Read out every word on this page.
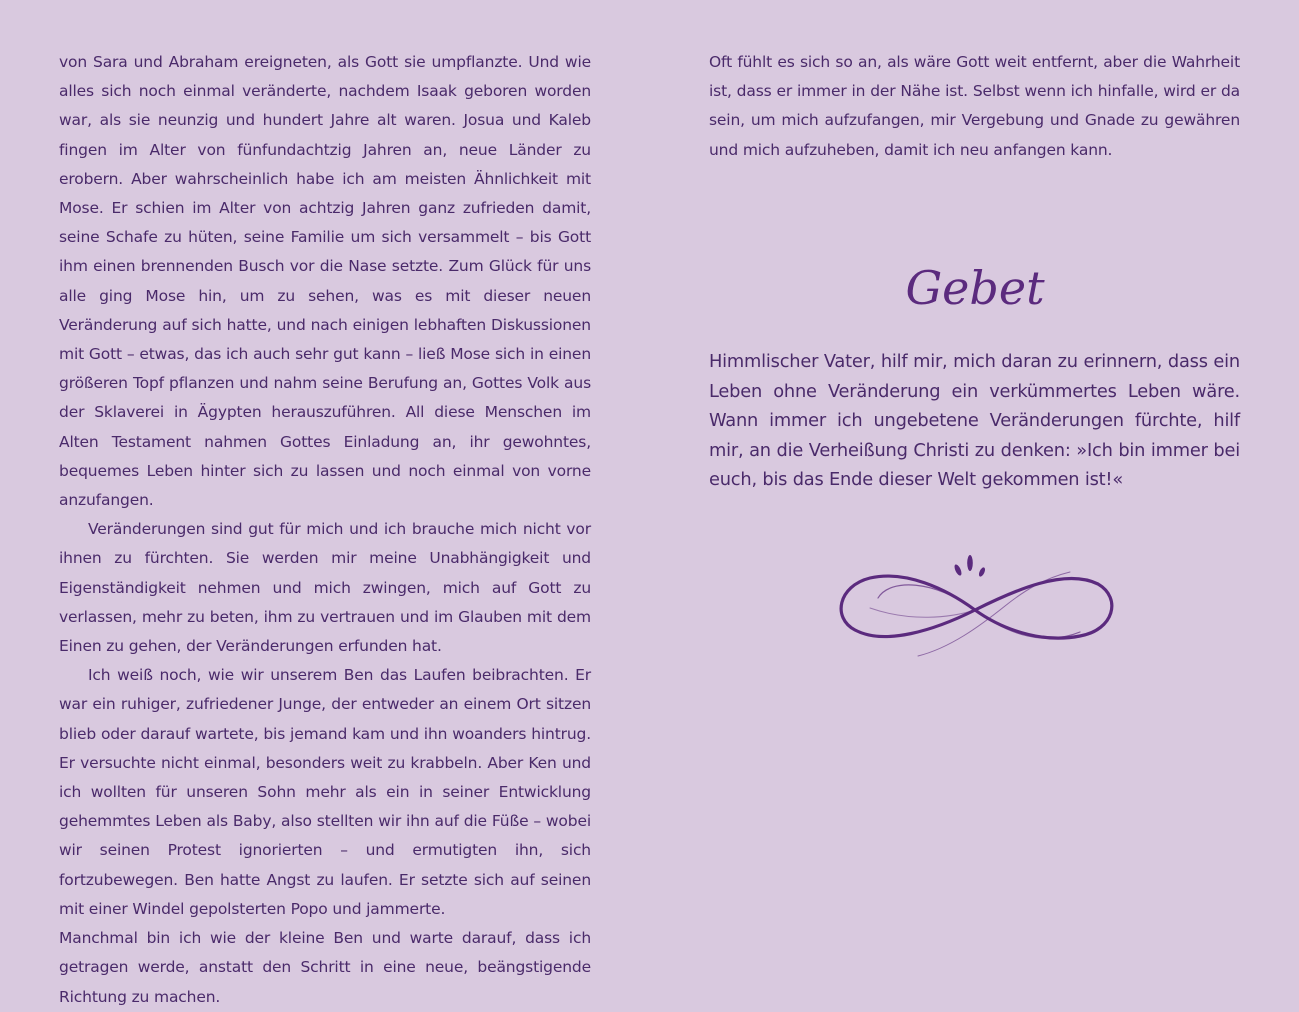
von Sara und Abraham ereigneten, als Gott sie umpflanzte. Und wie alles sich noch einmal veränderte, nachdem Isaak geboren worden war, als sie neunzig und hundert Jahre alt waren. Josua und Kaleb fingen im Alter von fünfundachtzig Jahren an, neue Länder zu erobern. Aber wahrscheinlich habe ich am meisten Ähnlichkeit mit Mose. Er schien im Alter von achtzig Jahren ganz zufrieden damit, seine Schafe zu hüten, seine Familie um sich versammelt – bis Gott ihm einen brennenden Busch vor die Nase setzte. Zum Glück für uns alle ging Mose hin, um zu sehen, was es mit dieser neuen Veränderung auf sich hatte, und nach einigen lebhaften Diskussionen mit Gott – etwas, das ich auch sehr gut kann – ließ Mose sich in einen größeren Topf pflanzen und nahm seine Berufung an, Gottes Volk aus der Sklaverei in Ägypten herauszuführen. All diese Menschen im Alten Testament nahmen Gottes Einladung an, ihr gewohntes, bequemes Leben hinter sich zu lassen und noch einmal von vorne anzufangen.

Veränderungen sind gut für mich und ich brauche mich nicht vor ihnen zu fürchten. Sie werden mir meine Unabhängigkeit und Eigenständigkeit nehmen und mich zwingen, mich auf Gott zu verlassen, mehr zu beten, ihm zu vertrauen und im Glauben mit dem Einen zu gehen, der Veränderungen erfunden hat.

Ich weiß noch, wie wir unserem Ben das Laufen beibrachten. Er war ein ruhiger, zufriedener Junge, der entweder an einem Ort sitzen blieb oder darauf wartete, bis jemand kam und ihn woanders hintrug. Er versuchte nicht einmal, besonders weit zu krabbeln. Aber Ken und ich wollten für unseren Sohn mehr als ein in seiner Entwicklung gehemmtes Leben als Baby, also stellten wir ihn auf die Füße – wobei wir seinen Protest ignorierten – und ermutigten ihn, sich fortzubewegen. Ben hatte Angst zu laufen. Er setzte sich auf seinen mit einer Windel gepolsterten Popo und jammerte.

Manchmal bin ich wie der kleine Ben und warte darauf, dass ich getragen werde, anstatt den Schritt in eine neue, beängstigende Richtung zu machen.

Oft fühlt es sich so an, als wäre Gott weit entfernt, aber die Wahrheit ist, dass er immer in der Nähe ist. Selbst wenn ich hinfalle, wird er da sein, um mich aufzufangen, mir Vergebung und Gnade zu gewähren und mich aufzuheben, damit ich neu anfangen kann.

Gebet

Himmlischer Vater, hilf mir, mich daran zu erinnern, dass ein Leben ohne Veränderung ein verkümmertes Leben wäre. Wann immer ich ungebetene Veränderungen fürchte, hilf mir, an die Verheißung Christi zu denken: »Ich bin immer bei euch, bis das Ende dieser Welt gekommen ist!«
